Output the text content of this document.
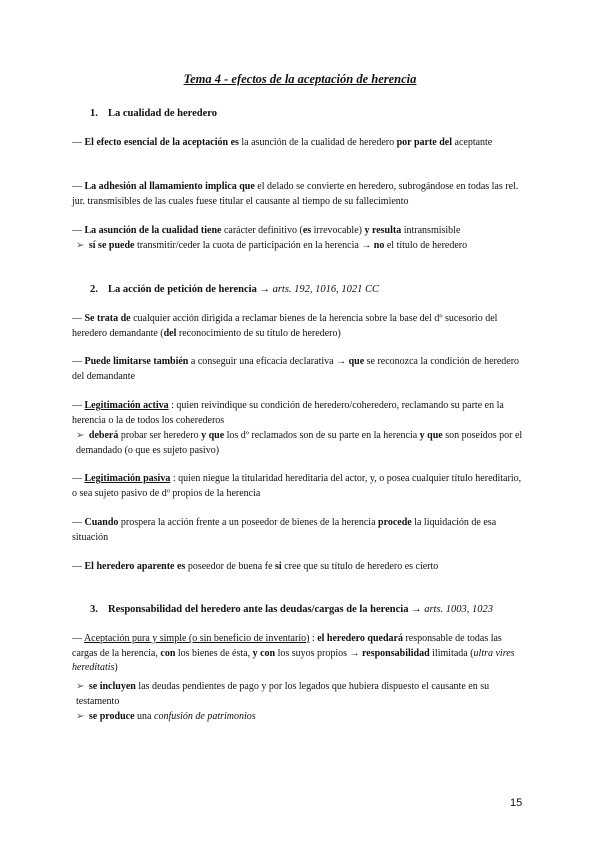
Tema 4 - efectos de la aceptación de herencia
1. La cualidad de heredero

— El efecto esencial de la aceptación es la asunción de la cualidad de heredero por parte del aceptante

— La adhesión al llamamiento implica que el delado se convierte en heredero, subrogándose en todas las rel. jur. transmisibles de las cuales fuese titular el causante al tiempo de su fallecimiento

— La asunción de la cualidad tiene carácter definitivo (es irrevocable) y resulta intransmisible

➢ sí se puede transmitir/ceder la cuota de participación en la herencia → no el título de heredero

2. La acción de petición de herencia → arts. 192, 1016, 1021 CC

— Se trata de cualquier acción dirigida a reclamar bienes de la herencia sobre la base del dº sucesorio del heredero demandante (del reconocimiento de su título de heredero)

— Puede limitarse también a conseguir una eficacia declarativa → que se reconozca la condición de heredero del demandante

— Legitimación activa : quien reivindique su condición de heredero/coheredero, reclamando su parte en la herencia o la de todos los coherederos

➢ deberá probar ser heredero y que los dº reclamados son de su parte en la herencia y que son poseídos por el demandado (o que es sujeto pasivo)

— Legitimación pasiva : quien niegue la titularidad hereditaria del actor, y, o posea cualquier título hereditario, o sea sujeto pasivo de dº propios de la herencia

— Cuando prospera la acción frente a un poseedor de bienes de la herencia procede la liquidación de esa situación

— El heredero aparente es poseedor de buena fe si cree que su título de heredero es cierto

3. Responsabilidad del heredero ante las deudas/cargas de la herencia → arts. 1003, 1023

— Aceptación pura y simple (o sin beneficio de inventario) : el heredero quedará responsable de todas las cargas de la herencia, con los bienes de ésta, y con los suyos propios → responsabilidad ilimitada (ultra vires hereditatis)

➢ se incluyen las deudas pendientes de pago y por los legados que hubiera dispuesto el causante en su testamento

➢ se produce una confusión de patrimonios

15
